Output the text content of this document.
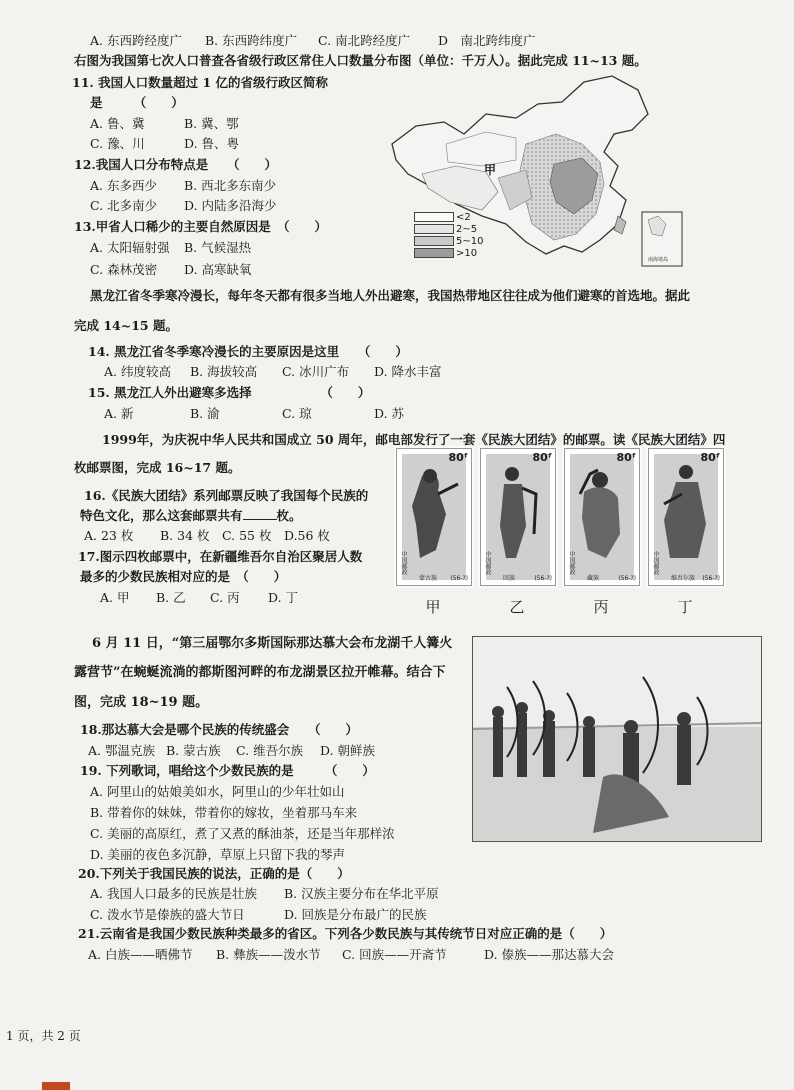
A. 东西跨经度广 B. 东西跨纬度广 C. 南北跨经度广 D　南北跨纬度广
右图为我国第七次人口普查各省级行政区常住人口数量分布图（单位：千万人）。据此完成 11~13 题。
11. 我国人口数量超过 1 亿的省级行政区简称
是　　　（　　）
A. 鲁、冀	B. 冀、鄂
C. 豫、川	D. 鲁、粤
12.我国人口分布特点是　　（　　）
A. 东多西少 B. 西北多东南少
C. 北多南少 D. 内陆多沿海少
13.甲省人口稀少的主要自然原因是　（　　）
A. 太阳辐射强 B. 气候湿热
C. 森林茂密 D. 高寒缺氧
甲
南海诸岛
<2
2~5
5~10
>10
黑龙江省冬季寒冷漫长，每年冬天都有很多当地人外出避寒，我国热带地区往往成为他们避寒的首选地。据此
完成 14~15 题。
14. 黑龙江省冬季寒冷漫长的主要原因是这里　　（　　）
A. 纬度较高 B. 海拔较高 C. 冰川广布 D. 降水丰富
15. 黑龙江人外出避寒多选择　　　　　　（　　）
A. 新	B. 渝	C. 琼	D. 苏
1999年，为庆祝中华人民共和国成立 50 周年，邮电部发行了一套《民族大团结》的邮票。读《民族大团结》四
枚邮票图，完成 16~17 题。
16.《民族大团结》系列邮票反映了我国每个民族的
特色文化，那么这套邮票共有	枚。
A. 23 枚 B. 34 枚 C. 55 枚 D.56 枚
17.图示四枚邮票中，在新疆维吾尔自治区聚居人数
最多的少数民族相对应的是　（　　）
A. 甲 B. 乙 C. 丙 D. 丁
80ᶠ
中国邮政
蒙古族 (56-?)
甲
80ᶠ
中国邮政
回族	(56-?)
乙
80ᶠ
中国邮政
藏族	(56-?)
丙
80ᶠ
中国邮政
维吾尔族 (56-?)
丁
6 月 11 日，“第三届鄂尔多斯国际那达慕大会布龙湖千人篝火
露营节”在蜿蜒流淌的都斯图河畔的布龙湖景区拉开帷幕。结合下
图，完成 18~19 题。
18.那达慕大会是哪个民族的传统盛会　　（　　）
A. 鄂温克族 B. 蒙古族 C. 维吾尔族 D. 朝鲜族
19. 下列歌词，唱给这个少数民族的是　　　（　　）
A. 阿里山的姑娘美如水，阿里山的少年壮如山
B. 带着你的妹妹，带着你的嫁妆，坐着那马车来
C. 美丽的高原红，煮了又煮的酥油茶，还是当年那样浓
D. 美丽的夜色多沉静，草原上只留下我的琴声
20.下列关于我国民族的说法，正确的是（　　）
A. 我国人口最多的民族是壮族 B. 汉族主要分布在华北平原
C. 泼水节是傣族的盛大节日	D. 回族是分布最广的民族
21.云南省是我国少数民族种类最多的省区。下列各少数民族与其传统节日对应正确的是（　　）
A. 白族——晒佛节 B. 彝族——泼水节 C. 回族——开斋节	D. 傣族——那达慕大会
1 页，共 2 页
